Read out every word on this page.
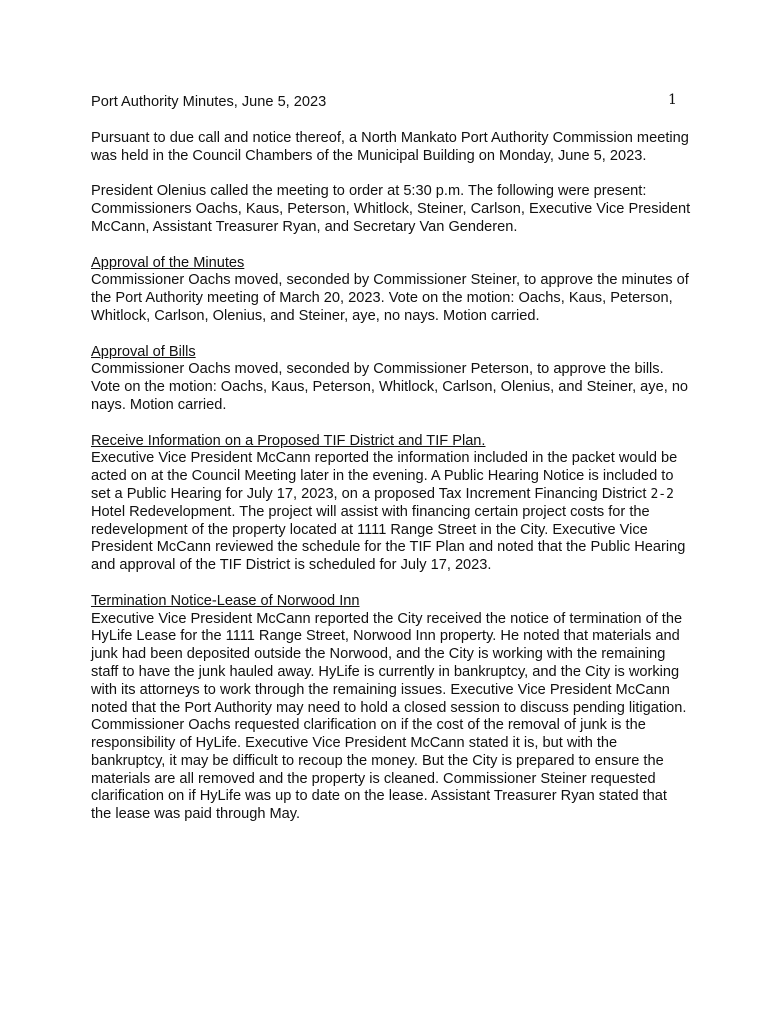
Port Authority Minutes, June 5, 2023	1

Pursuant to due call and notice thereof, a North Mankato Port Authority Commission meeting was held in the Council Chambers of the Municipal Building on Monday, June 5, 2023.

President Olenius called the meeting to order at 5:30 p.m. The following were present: Commissioners Oachs, Kaus, Peterson, Whitlock, Steiner, Carlson, Executive Vice President McCann, Assistant Treasurer Ryan, and Secretary Van Genderen.

Approval of the Minutes
Commissioner Oachs moved, seconded by Commissioner Steiner, to approve the minutes of the Port Authority meeting of March 20, 2023. Vote on the motion: Oachs, Kaus, Peterson, Whitlock, Carlson, Olenius, and Steiner, aye, no nays. Motion carried.
Approval of Bills
Commissioner Oachs moved, seconded by Commissioner Peterson, to approve the bills. Vote on the motion: Oachs, Kaus, Peterson, Whitlock, Carlson, Olenius, and Steiner, aye, no nays. Motion carried.
Receive Information on a Proposed TIF District and TIF Plan.
Executive Vice President McCann reported the information included in the packet would be acted on at the Council Meeting later in the evening. A Public Hearing Notice is included to set a Public Hearing for July 17, 2023, on a proposed Tax Increment Financing District 2-2 Hotel Redevelopment. The project will assist with financing certain project costs for the redevelopment of the property located at 1111 Range Street in the City. Executive Vice President McCann reviewed the schedule for the TIF Plan and noted that the Public Hearing and approval of the TIF District is scheduled for July 17, 2023.
Termination Notice-Lease of Norwood Inn
Executive Vice President McCann reported the City received the notice of termination of the HyLife Lease for the 1111 Range Street, Norwood Inn property. He noted that materials and junk had been deposited outside the Norwood, and the City is working with the remaining staff to have the junk hauled away. HyLife is currently in bankruptcy, and the City is working with its attorneys to work through the remaining issues. Executive Vice President McCann noted that the Port Authority may need to hold a closed session to discuss pending litigation. Commissioner Oachs requested clarification on if the cost of the removal of junk is the responsibility of HyLife. Executive Vice President McCann stated it is, but with the bankruptcy, it may be difficult to recoup the money. But the City is prepared to ensure the materials are all removed and the property is cleaned. Commissioner Steiner requested clarification on if HyLife was up to date on the lease. Assistant Treasurer Ryan stated that the lease was paid through May.
